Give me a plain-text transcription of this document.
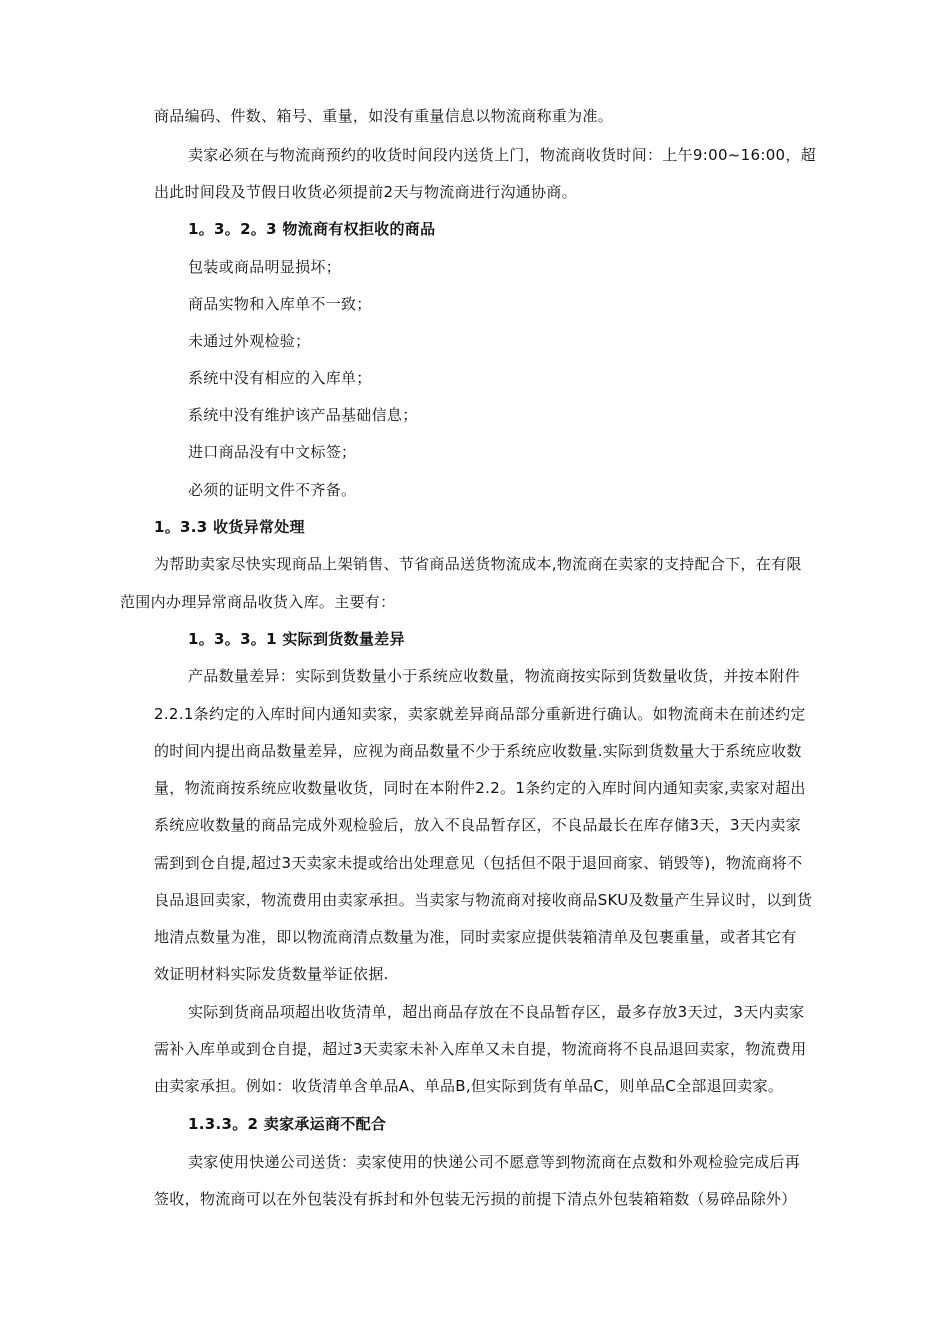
商品编码、件数、箱号、重量，如没有重量信息以物流商称重为准。
卖家必须在与物流商预约的收货时间段内送货上门，物流商收货时间：上午9:00~16:00，超
出此时间段及节假日收货必须提前2天与物流商进行沟通协商。
1。3。2。3 物流商有权拒收的商品
包装或商品明显损坏；
商品实物和入库单不一致；
未通过外观检验；
系统中没有相应的入库单；
系统中没有维护该产品基础信息；
进口商品没有中文标签；
必须的证明文件不齐备。
1。3.3 收货异常处理
为帮助卖家尽快实现商品上架销售、节省商品送货物流成本,物流商在卖家的支持配合下，在有限
范围内办理异常商品收货入库。主要有：
1。3。3。1 实际到货数量差异
产品数量差异：实际到货数量小于系统应收数量，物流商按实际到货数量收货，并按本附件
2.2.1条约定的入库时间内通知卖家，卖家就差异商品部分重新进行确认。如物流商未在前述约定
的时间内提出商品数量差异，应视为商品数量不少于系统应收数量.实际到货数量大于系统应收数
量，物流商按系统应收数量收货，同时在本附件2.2。1条约定的入库时间内通知卖家,卖家对超出
系统应收数量的商品完成外观检验后，放入不良品暂存区，不良品最长在库存储3天，3天内卖家
需到到仓自提,超过3天卖家未提或给出处理意见（包括但不限于退回商家、销毁等)，物流商将不
良品退回卖家，物流费用由卖家承担。当卖家与物流商对接收商品SKU及数量产生异议时，以到货
地清点数量为准，即以物流商清点数量为准，同时卖家应提供装箱清单及包裹重量，或者其它有
效证明材料实际发货数量举证依据.
实际到货商品项超出收货清单，超出商品存放在不良品暂存区，最多存放3天过，3天内卖家
需补入库单或到仓自提，超过3天卖家未补入库单又未自提，物流商将不良品退回卖家，物流费用
由卖家承担。例如：收货清单含单品A、单品B,但实际到货有单品C，则单品C全部退回卖家。
1.3.3。2 卖家承运商不配合
卖家使用快递公司送货：卖家使用的快递公司不愿意等到物流商在点数和外观检验完成后再
签收，物流商可以在外包装没有拆封和外包装无污损的前提下清点外包装箱箱数（易碎品除外）
